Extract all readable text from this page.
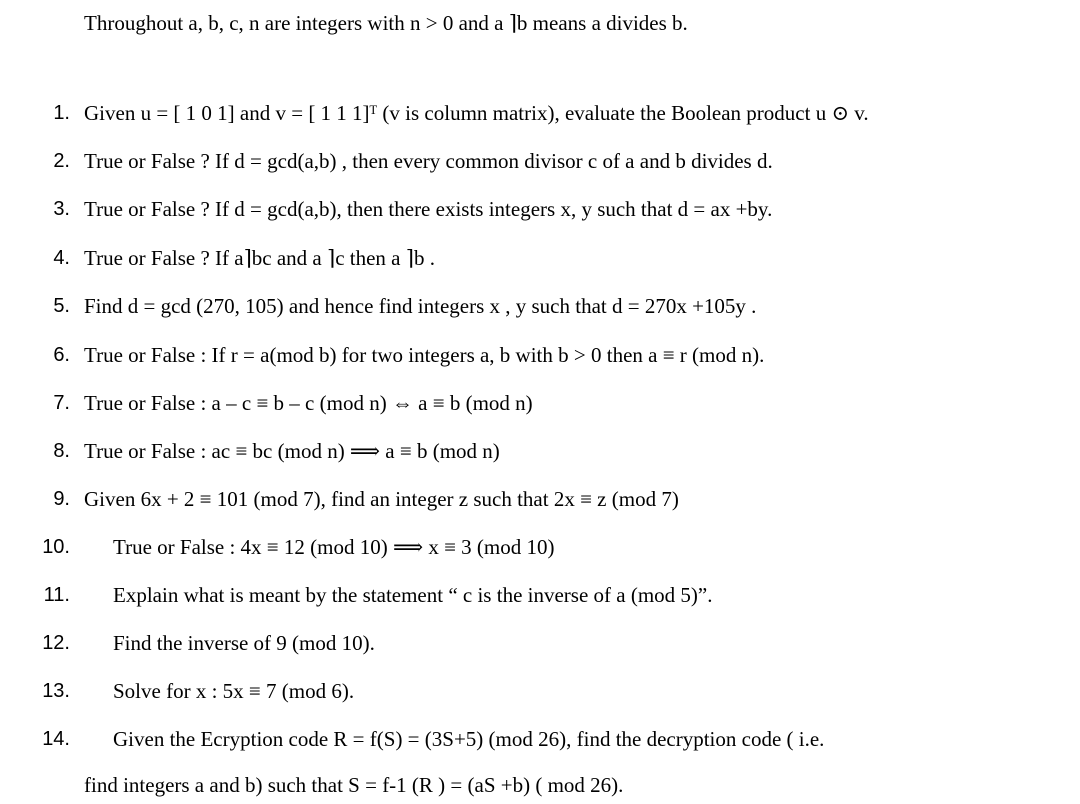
Throughout a, b, c, n are integers with n > 0 and a ⌉b means a divides b.
1. Given u = [ 1 0 1] and v = [ 1 1 1]ᵀ (v is column matrix), evaluate the Boolean product u ⊙ v.
2. True or False ? If d = gcd(a,b) , then every common divisor c of a and b divides d.
3. True or False ? If d = gcd(a,b), then there exists integers x, y such that d = ax +by.
4. True or False ? If a⌉bc and a ⌉c then a ⌉b .
5. Find d = gcd (270, 105) and hence find integers x , y such that d = 270x +105y .
6. True or False : If r = a(mod b) for two integers a, b with b > 0 then a ≡ r (mod n).
7. True or False : a – c ≡ b – c (mod n) ⇔ a ≡ b (mod n)
8. True or False : ac ≡ bc (mod n) ⟹ a ≡ b (mod n)
9. Given 6x + 2 ≡ 101 (mod 7), find an integer z such that 2x ≡ z (mod 7)
10. True or False : 4x ≡ 12 (mod 10) ⟹ x ≡ 3 (mod 10)
11. Explain what is meant by the statement “ c is the inverse of a (mod 5)”.
12. Find the inverse of 9 (mod 10).
13. Solve for x : 5x ≡ 7 (mod 6).
14. Given the Ecryption code R = f(S) = (3S+5) (mod 26), find the decryption code ( i.e.
find integers a and b) such that S = f-1 (R ) = (aS +b) ( mod 26).
